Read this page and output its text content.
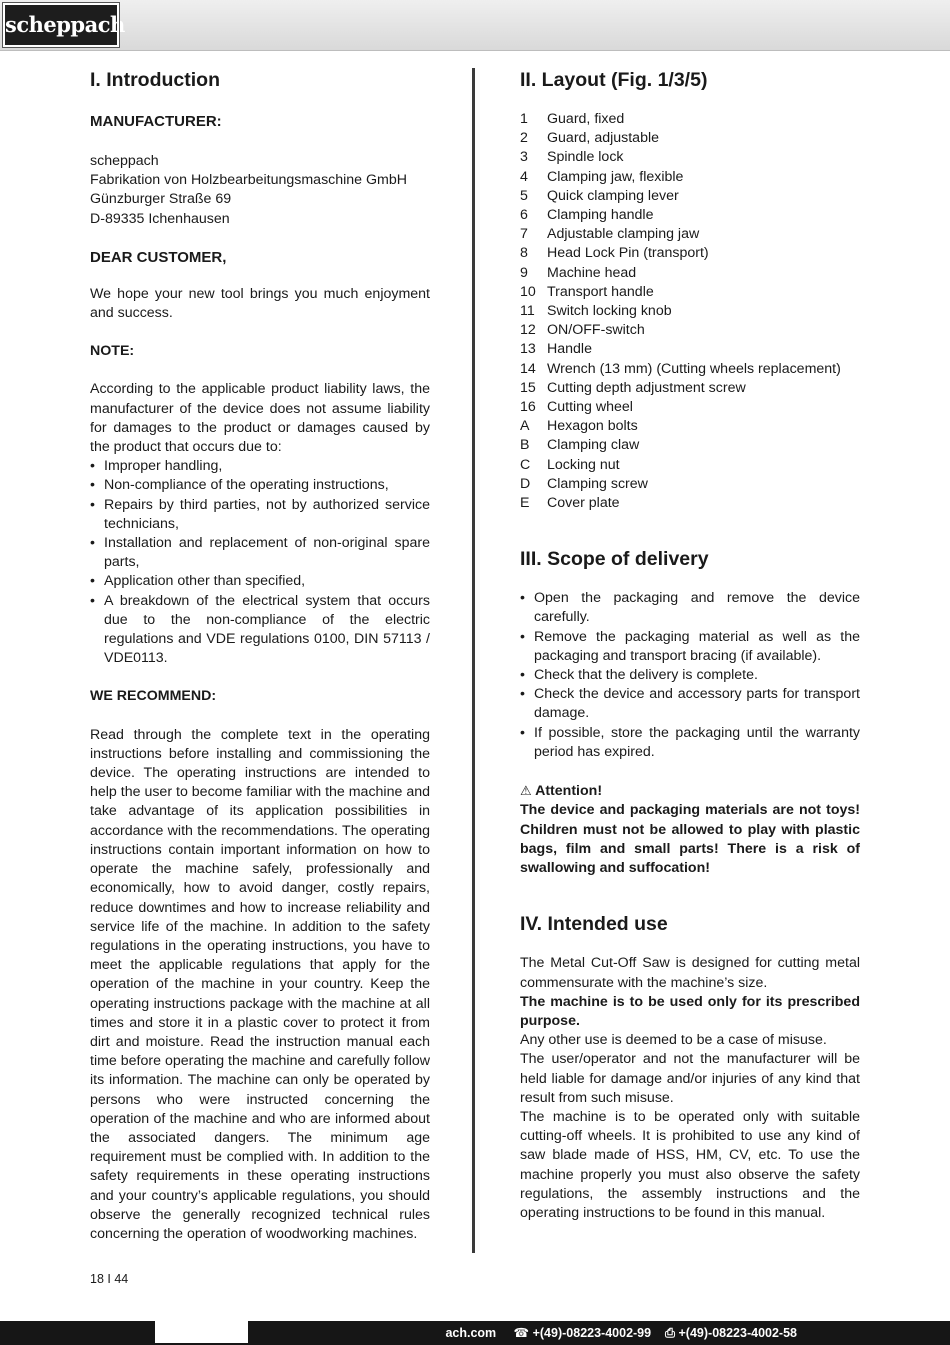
scheppach
I. Introduction
MANUFACTURER:
scheppach
Fabrikation von Holzbearbeitungsmaschine GmbH
Günzburger Straße 69
D-89335 Ichenhausen
DEAR CUSTOMER,

We hope your new tool brings you much enjoyment and success.

NOTE:

According to the applicable product liability laws, the manufacturer of the device does not assume liability for damages to the product or damages caused by the product that occurs due to:

• Improper handling,
• Non-compliance of the operating instructions,
• Repairs by third parties, not by authorized service technicians,
• Installation and replacement of non-original spare parts,
• Application other than specified,
• A breakdown of the electrical system that occurs due to the non-compliance of the electric regulations and VDE regulations 0100, DIN 57113 / VDE0113.
WE RECOMMEND:

Read through the complete text in the operating instructions before installing and commissioning the device. The operating instructions are intended to help the user to become familiar with the machine and take advantage of its application possibilities in accordance with the recommendations. The operating instructions contain important information on how to operate the machine safely, professionally and economically, how to avoid danger, costly repairs, reduce downtimes and how to increase reliability and service life of the machine. In addition to the safety regulations in the operating instructions, you have to meet the applicable regulations that apply for the operation of the machine in your country. Keep the operating instructions package with the machine at all times and store it in a plastic cover to protect it from dirt and moisture. Read the instruction manual each time before operating the machine and carefully follow its information. The machine can only be operated by persons who were instructed concerning the operation of the machine and who are informed about the associated dangers. The minimum age requirement must be complied with. In addition to the safety requirements in these operating instructions and your country’s applicable regulations, you should observe the generally recognized technical rules concerning the operation of woodworking machines.

II. Layout (Fig. 1/3/5)
1	Guard, fixed
2	Guard, adjustable
3	Spindle lock
4	Clamping jaw, flexible
5	Quick clamping lever
6	Clamping handle
7	Adjustable clamping jaw
8	Head Lock Pin (transport)
9	Machine head
10 Transport handle
11 Switch locking knob
12 ON/OFF-switch
13 Handle
14 Wrench (13 mm) (Cutting wheels replacement)
15 Cutting depth adjustment screw
16 Cutting wheel
A	Hexagon bolts
B	Clamping claw
C	Locking nut
D	Clamping screw
E	Cover plate
III. Scope of delivery
• Open the packaging and remove the device carefully.
• Remove the packaging material as well as the packaging and transport bracing (if available).
• Check that the delivery is complete.
• Check the device and accessory parts for transport damage.
• If possible, store the packaging until the warranty period has expired.
⚠ Attention!

The device and packaging materials are not toys! Children must not be allowed to play with plastic bags, film and small parts! There is a risk of swallowing and suffocation!

IV. Intended use

The Metal Cut-Off Saw is designed for cutting metal commensurate with the machine’s size.

The machine is to be used only for its prescribed purpose.

Any other use is deemed to be a case of misuse.

The user/operator and not the manufacturer will be held liable for damage and/or injuries of any kind that result from such misuse.

The machine is to be operated only with suitable cutting-off wheels. It is prohibited to use any kind of saw blade made of HSS, HM, CV, etc. To use the machine properly you must also observe the safety regulations, the assembly instructions and the operating instructions to be found in this manual.

18 I 44
ach.com ☎ +(49)-08223-4002-99 ⎙ +(49)-08223-4002-58
